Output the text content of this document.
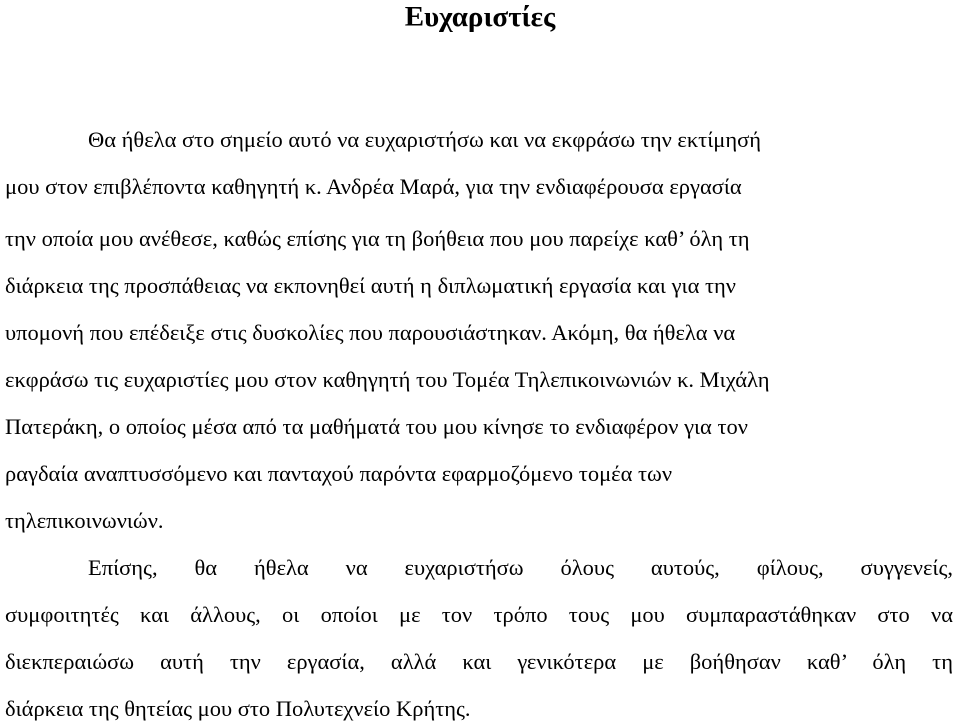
Ευχαριστίες

Θα ήθελα στο σημείο αυτό να ευχαριστήσω και να εκφράσω την εκτίμησή

μου στον επιβλέποντα καθηγητή κ. Ανδρέα Μαρά, για την ενδιαφέρουσα εργασία

την οποία μου ανέθεσε, καθώς επίσης για τη βοήθεια που μου παρείχε καθ’ όλη τη

διάρκεια της προσπάθειας να εκπονηθεί αυτή η διπλωματική εργασία και για την

υπομονή που επέδειξε στις δυσκολίες που παρουσιάστηκαν. Ακόμη, θα ήθελα να

εκφράσω τις ευχαριστίες μου στον καθηγητή του Τομέα Τηλεπικοινωνιών κ. Μιχάλη

Πατεράκη, ο οποίος μέσα από τα μαθήματά του μου κίνησε το ενδιαφέρον για τον

ραγδαία αναπτυσσόμενο και πανταχού παρόντα εφαρμοζόμενο τομέα των

τηλεπικοινωνιών.

Επίσης, θα ήθελα να ευχαριστήσω όλους αυτούς, φίλους, συγγενείς,

συμφοιτητές και άλλους, οι οποίοι με τον τρόπο τους μου συμπαραστάθηκαν στο να

διεκπεραιώσω αυτή την εργασία, αλλά και γενικότερα με βοήθησαν καθ’ όλη τη

διάρκεια της θητείας μου στο Πολυτεχνείο Κρήτης.
